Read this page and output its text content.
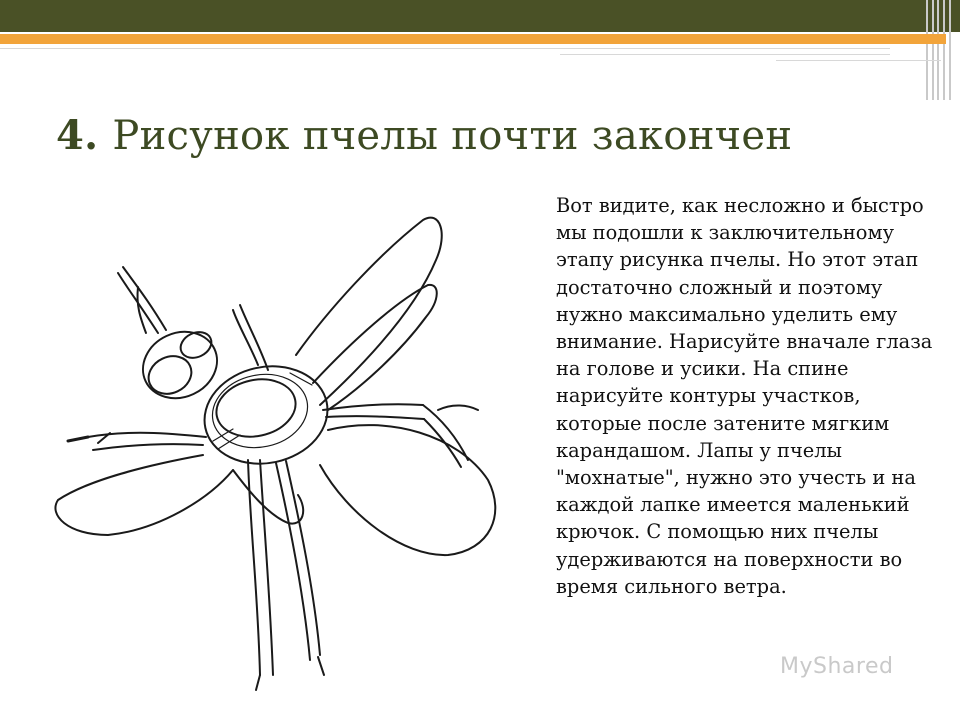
4. Рисунок пчелы почти закончен

Вот видите, как несложно и быстро мы подошли к заключительному этапу рисунка пчелы. Но этот этап достаточно сложный и поэтому нужно максимально уделить ему внимание. Нарисуйте вначале глаза на голове и усики. На спине нарисуйте контуры участков, которые после затените мягким карандашом. Лапы у пчелы "мохнатые", нужно это учесть и на каждой лапке имеется маленький крючок. С помощью них пчелы удерживаются на поверхности во время сильного ветра.

MyShared
